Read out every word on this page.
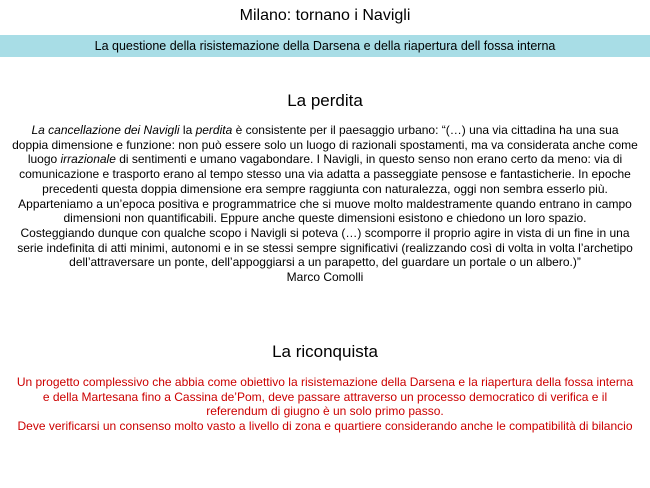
Milano: tornano i Navigli
La questione della risistemazione della Darsena e della riapertura dell fossa interna
La perdita
La cancellazione dei Navigli la perdita è consistente per il paesaggio urbano: “(…) una via cittadina ha una sua doppia dimensione e funzione: non può essere solo un luogo di razionali spostamenti, ma va considerata anche come luogo irrazionale di sentimenti e umano vagabondare. I Navigli, in questo senso non erano certo da meno: via di comunicazione e trasporto erano al tempo stesso una via adatta a passeggiate pensose e fantasticherie. In epoche precedenti questa doppia dimensione era sempre raggiunta con naturalezza, oggi non sembra esserlo più. Apparteniamo a un’epoca positiva e programmatrice che si muove molto maldestramente quando entrano in campo dimensioni non quantificabili. Eppure anche queste dimensioni esistono e chiedono un loro spazio.
Costeggiando dunque con qualche scopo i Navigli si poteva (…) scomporre il proprio agire in vista di un fine in una serie indefinita di atti minimi, autonomi e in se stessi sempre significativi (realizzando così di volta in volta l’archetipo dell’attraversare un ponte, dell’appoggiarsi a un parapetto, del guardare un portale o un albero.)”
Marco Comolli
La riconquista
Un progetto complessivo che abbia come obiettivo la risistemazione della Darsena e la riapertura della fossa interna e della Martesana fino a Cassina de’Pom, deve passare attraverso un processo democratico di verifica e il referendum di giugno è un solo primo passo.
Deve verificarsi un consenso molto vasto a livello di zona e quartiere considerando anche le compatibilità di bilancio
